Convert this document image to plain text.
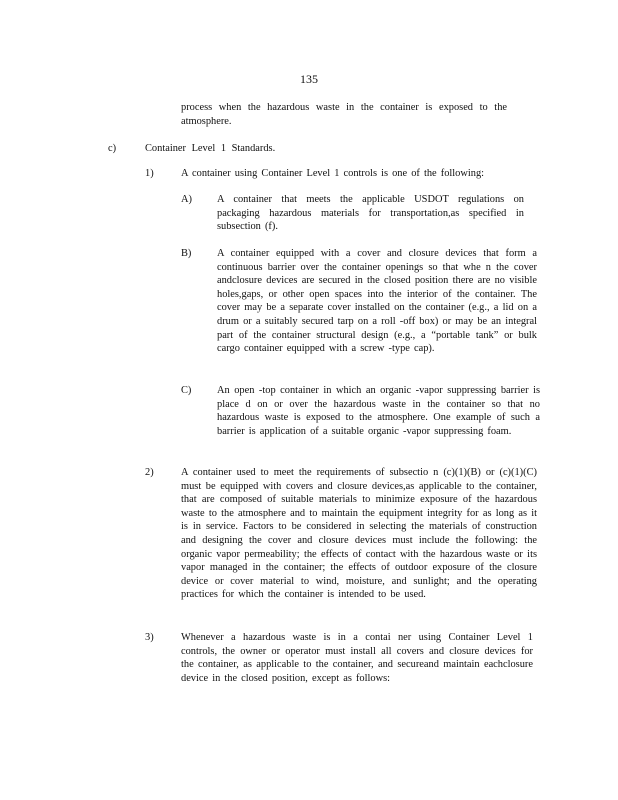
135
process when the hazardous waste in the container is exposed to the atmosphere.
c)	Container Level 1 Standards.
1)	A container using Container Level 1 controls is one of the following:
A) A container that meets the applicable USDOT regulations on packaging hazardous materials for transportation,as specified in subsection (f).
B) A container equipped with a cover and closure devices that form a continuous barrier over the container openings so that whe n the cover andclosure devices are secured in the closed position there are no visible holes,gaps, or other open spaces into the interior of the container. The cover may be a separate cover installed on the container (e.g., a lid on a drum or a suitably secured tarp on a roll -off box) or may be an integral part of the container structural design (e.g., a “portable tank” or bulk cargo container equipped with a screw -type cap).
C) An open -top container in which an organic -vapor suppressing barrier is place d on or over the hazardous waste in the container so that no hazardous waste is exposed to the atmosphere. One example of such a barrier is application of a suitable organic -vapor suppressing foam.
2)	A container used to meet the requirements of subsectio n (c)(1)(B) or (c)(1)(C) must be equipped with covers and closure devices,as applicable to the container, that are composed of suitable materials to minimize exposure of the hazardous waste to the atmosphere and to maintain the equipment integrity for as long as it is in service. Factors to be considered in selecting the materials of construction and designing the cover and closure devices must include the following: the organic vapor permeability; the effects of contact with the hazardous waste or its vapor managed in the container; the effects of outdoor exposure of the closure device or cover material to wind, moisture, and sunlight; and the operating practices for which the container is intended to be used.
3)	Whenever a hazardous waste is in a contai ner using Container Level 1 controls, the owner or operator must install all covers and closure devices for the container, as applicable to the container, and secureand maintain eachclosure device in the closed position, except as follows:
